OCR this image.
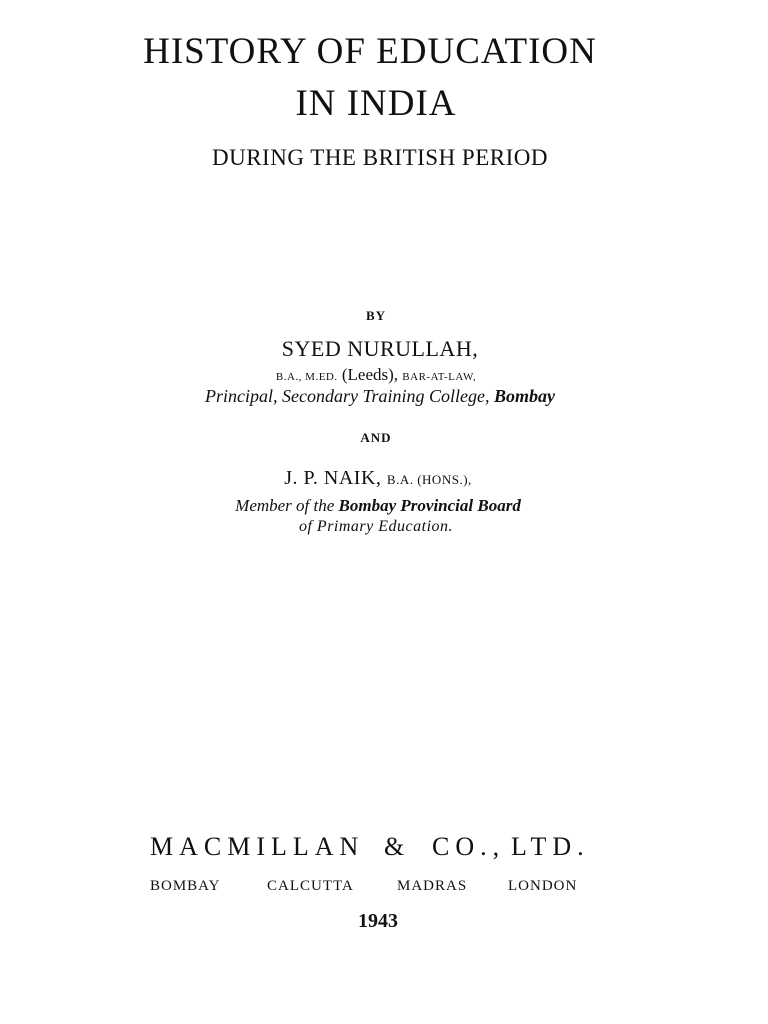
HISTORY OF EDUCATION
IN INDIA
DURING THE BRITISH PERIOD
BY
SYED NURULLAH,
B.A., M.ED. (Leeds), BAR-AT-LAW,
Principal, Secondary Training College, Bombay
AND
J. P. NAIK, B.A. (HONS.),
Member of the Bombay Provincial Board
of Primary Education.
MACMILLAN & CO., LTD.
BOMBAY	CALCUTTA	MADRAS	LONDON
1943
